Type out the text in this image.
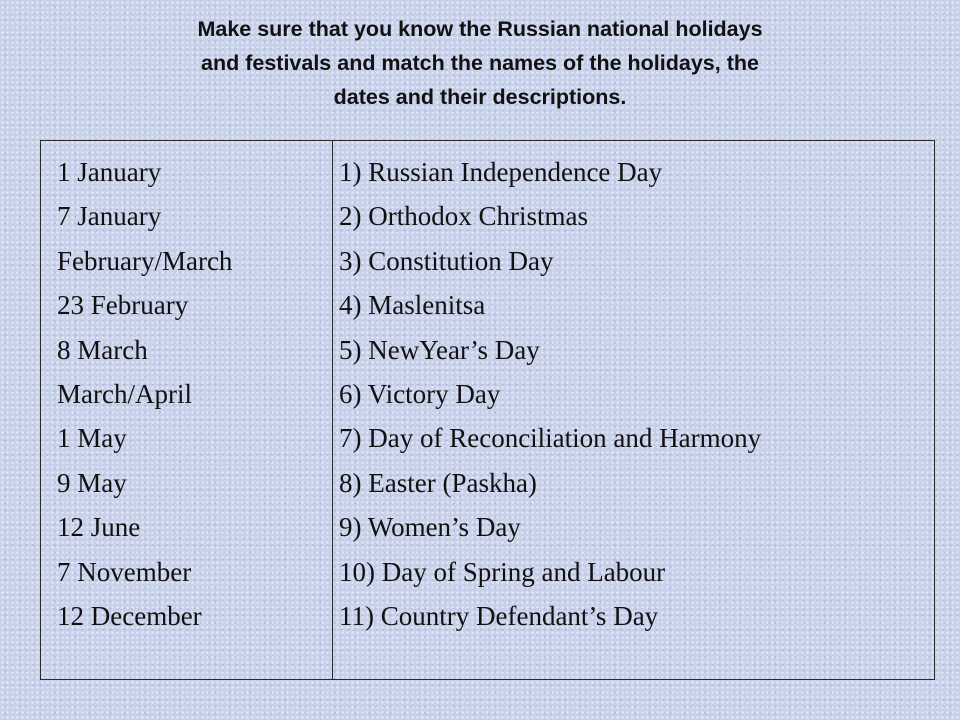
Make sure that you know the Russian national holidays
and festivals and match the names of the holidays, the
dates and their descriptions.
1 January
7 January
February/March
23 February
8 March
March/April
1 May
9 May
12 June
7 November
12 December
1) Russian Independence Day
2) Orthodox Christmas
3) Constitution Day
4) Maslenitsa
5) NewYear’s Day
6) Victory Day
7) Day of Reconciliation and Harmony
8) Easter (Paskha)
9) Women’s Day
10) Day of Spring and Labour
11) Country Defendant’s Day
